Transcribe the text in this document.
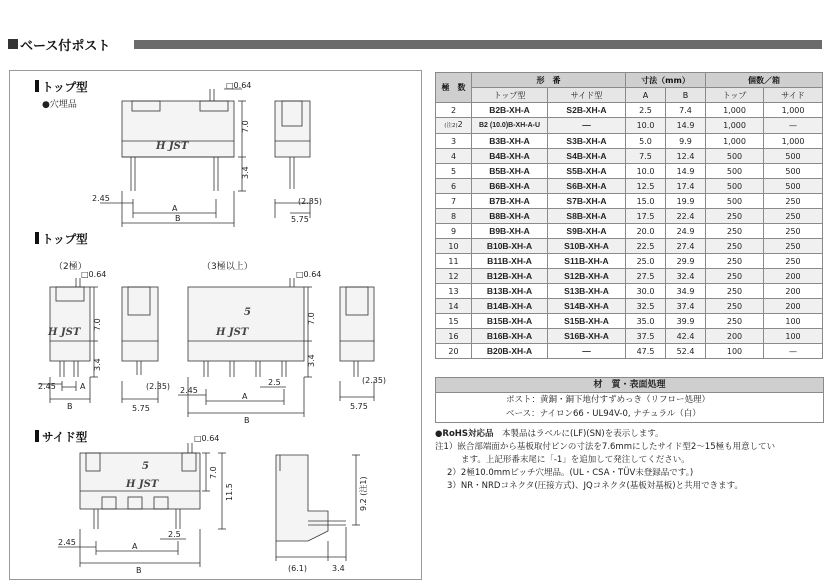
ベース付ポスト
トップ型
●穴埋品
トップ型
（2極）	（3極以上）
サイド型
□0.64
7.0
3.4
2.45
A
B
H JST
(2.35)
5.75
□0.64
7.0
3.4
H JST
2.45	A
B
(2.35)
5.75
□0.64
5
H JST
7.0
3.4
2.5
2.45
A
B
(2.35)
5.75
□0.64
5
H JST
7.0
11.5
2.5
2.45	A
B
9.2 (注1)
(6.1)	3.4
極　数	形　番		寸法（mm）		個数／箱	
	トップ型	サイド型	A	B	トップ	サイド
2	B2B-XH-A	S2B-XH-A	2.5	7.4	1,000	1,000
(注2)2	B2 (10.0)B-XH-A-U	—	10.0	14.9	1,000	—
3	B3B-XH-A	S3B-XH-A	5.0	9.9	1,000	1,000
4	B4B-XH-A	S4B-XH-A	7.5	12.4	500	500
5	B5B-XH-A	S5B-XH-A	10.0	14.9	500	500
6	B6B-XH-A	S6B-XH-A	12.5	17.4	500	500
7	B7B-XH-A	S7B-XH-A	15.0	19.9	500	250
8	B8B-XH-A	S8B-XH-A	17.5	22.4	250	250
9	B9B-XH-A	S9B-XH-A	20.0	24.9	250	250
10	B10B-XH-A	S10B-XH-A	22.5	27.4	250	250
11	B11B-XH-A	S11B-XH-A	25.0	29.9	250	250
12	B12B-XH-A	S12B-XH-A	27.5	32.4	250	200
13	B13B-XH-A	S13B-XH-A	30.0	34.9	250	200
14	B14B-XH-A	S14B-XH-A	32.5	37.4	250	200
15	B15B-XH-A	S15B-XH-A	35.0	39.9	250	100
16	B16B-XH-A	S16B-XH-A	37.5	42.4	200	100
20	B20B-XH-A	—	47.5	52.4	100	—
材　質・表面処理
ポスト：黄銅・銅下地付すずめっき（リフロー処理）
ベース：ナイロン66・UL94V-0, ナチュラル（白）
●RoHS対応品　本製品はラベルに(LF)(SN)を表示します。
注1）嵌合部端面から基板取付ピンの寸法を7.6mmにしたサイド型2～15極も用意してい
ます。上記形番末尾に「-1」を追加して発注してください。
2）2極10.0mmピッチ穴埋品。(UL・CSA・TÜV未登録品です。)
3）NR・NRDコネクタ(圧接方式)、JQコネクタ(基板対基板)と共用できます。
